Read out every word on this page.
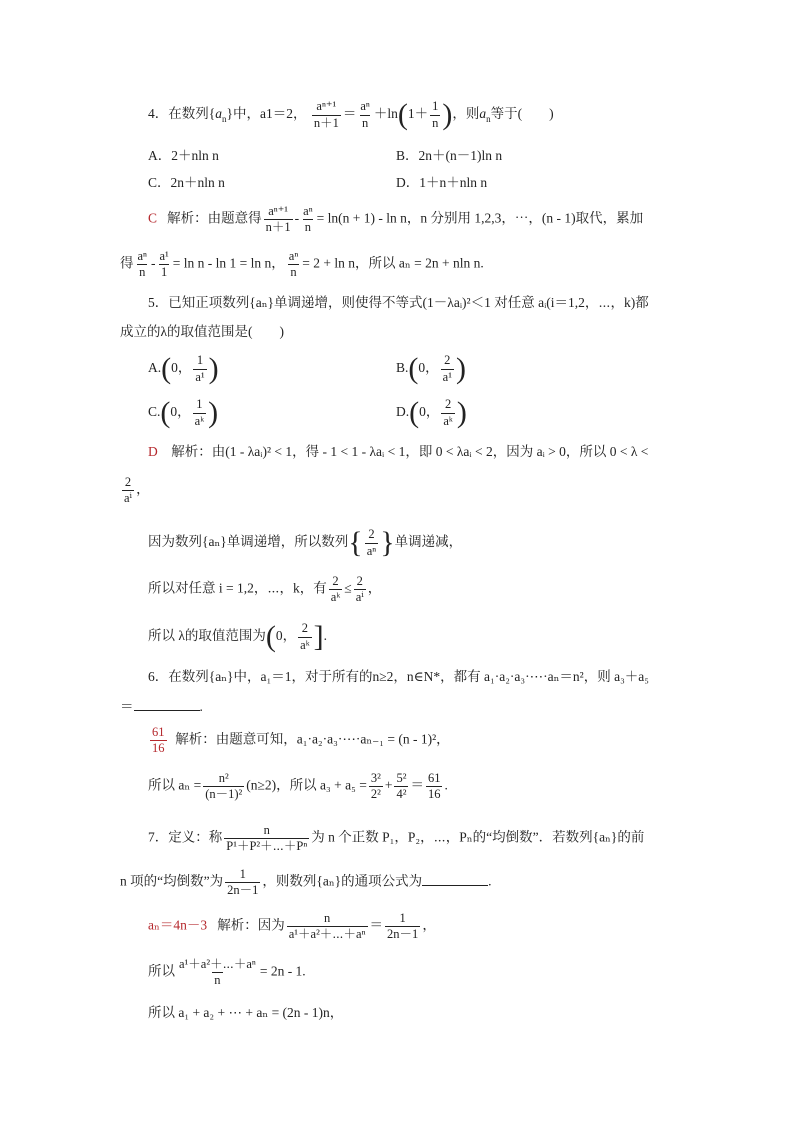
4．在数列$\{a_n\}$中，a1＝2， $\frac{\text{aⁿ⁺¹}}{n+1} = \frac{\text{aⁿ}}{n} +\ln(1+ \frac{1}{n}$ )，则$a_n$等于(　　)
A．2＋nln n	B．2n＋(n－1)ln n
C．2n＋nln n	D．1＋n＋nln n
C 解析：由题意得 $\frac{\text{aⁿ⁺¹}}{n+1} - \frac{\text{aⁿ}}{n} = \ln(n + 1) - \ln n$，n 分别用 1,2,3，⋯，(n - 1)取代，累加
得 $\frac{\text{aⁿ}}{n} - \frac{\text{a¹}}{1} = \ln n - \ln 1 = \ln n$， $\frac{\text{aⁿ}}{n} = 2 + \ln n$，所以 aₙ = 2n + nln n.
5．已知正项数列{aₙ}单调递增，则使得不等式(1－λaᵢ)²＜1 对任意 aᵢ(i＝1,2，⋯，k)都
成立的λ的取值范围是(　　)
A.(0， $\frac{1}{\text{a¹}}$ )	B.(0， $\frac{2}{\text{a¹}}$ )
C.(0， $\frac{1}{\text{aᵏ}}$ )	D.(0， $\frac{2}{\text{aᵏ}}$ )
D 解析：由(1 - λaᵢ)² < 1，得 - 1 < 1 - λaᵢ < 1，即 0 < λaᵢ < 2，因为 aᵢ > 0，所以 0 < λ <
$\frac{2}{\text{aⁱ}}$ ，
因为数列{aₙ}单调递增，所以数列{ $\frac{2}{\text{aⁿ}}$ }单调递减，
所以对任意 i = 1,2，⋯，k，有 $\frac{2}{\text{aᵏ}} \le \frac{2}{\text{aⁱ}}$ ，
所以 λ的取值范围为(0， $\frac{2}{\text{aᵏ}}$ ].
6．在数列{aₙ}中，a₁＝1，对于所有的n≥2，n∈N*，都有 a₁·a₂·a₃·⋯·aₙ＝n²，则 a₃＋a₅
＝	.
$\frac{61}{16}$ 解析：由题意可知，a₁·a₂·a₃·⋯·aₙ₋₁ = (n - 1)²，
所以 $a_n = \frac{\text{n²}}{\text{(n－1)²}} (n\ge 2)$，所以 $a_3 + a_5 = \frac{\text{3²}}{\text{2²}} + \frac{\text{5²}}{\text{4²}} = \frac{61}{16}$ .
7．定义：称 $\frac{n}{\text{P¹＋P²＋⋯＋Pⁿ}}$ 为 n 个正数 P₁，P₂，⋯，Pₙ的“均倒数”．若数列{aₙ}的前
n 项的“均倒数”为 $\frac{1}{2n-1}$ ，则数列{aₙ}的通项公式为	.
aₙ＝4n－3 解析：因为 $\frac{n}{\text{a¹＋a²＋⋯＋aⁿ}} = \frac{1}{2n-1}$ ，
所以 $\frac{\text{a¹＋a²＋⋯＋aⁿ}}{n} = 2n - 1$.
所以 a₁ + a₂ + ⋯ + aₙ = (2n - 1)n，
